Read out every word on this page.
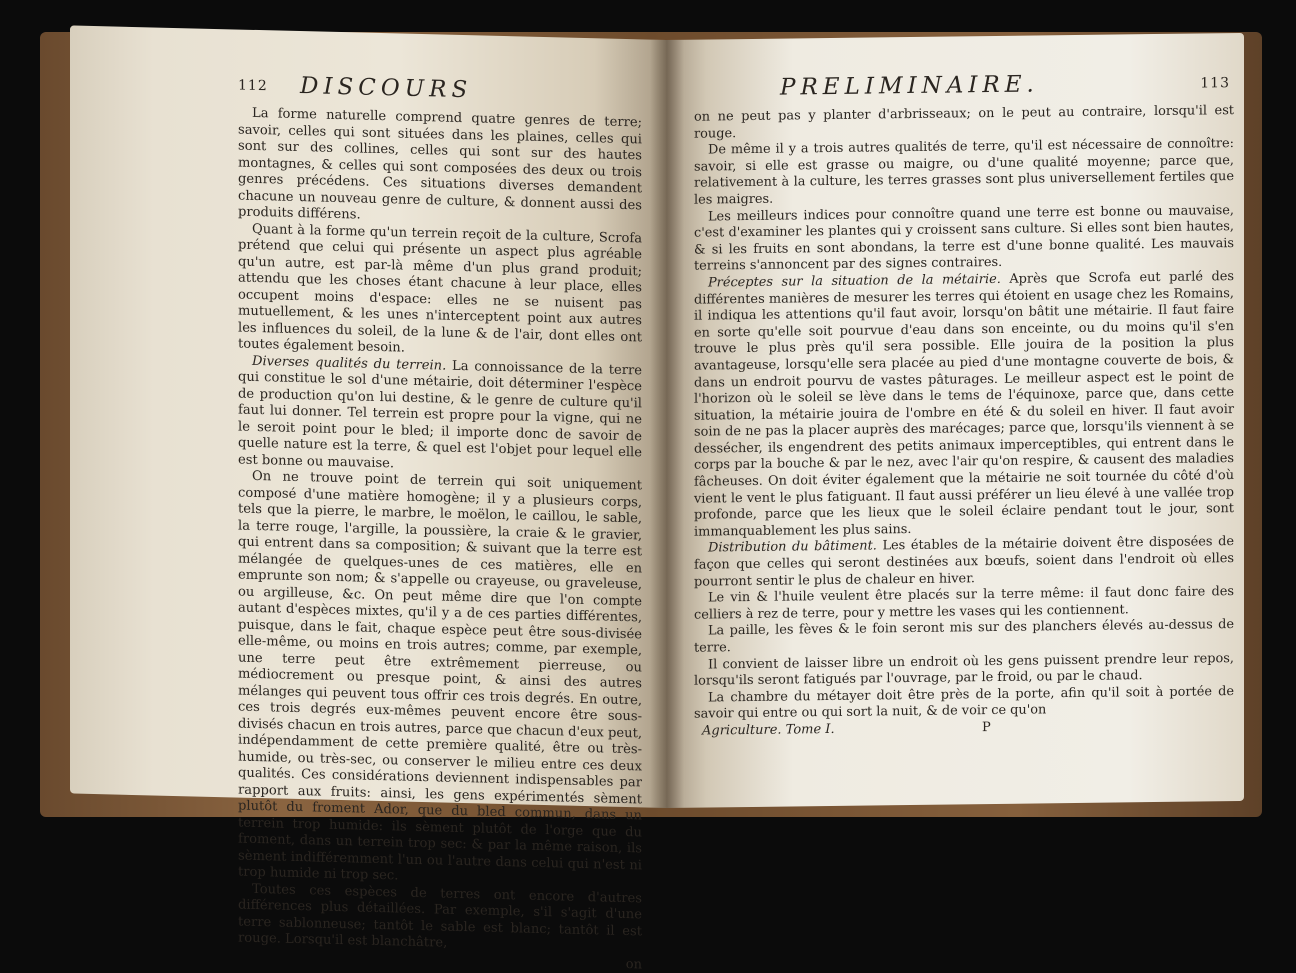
112 DISCOURS

La forme naturelle comprend quatre genres de terre; savoir, celles qui sont situées dans les plaines, celles qui sont sur des collines, celles qui sont sur des hautes montagnes, & celles qui sont composées des deux ou trois genres précédens. Ces situations diverses demandent chacune un nouveau genre de culture, & donnent aussi des produits différens.

Quant à la forme qu'un terrein reçoit de la culture, Scrofa prétend que celui qui présente un aspect plus agréable qu'un autre, est par-là même d'un plus grand produit; attendu que les choses étant chacune à leur place, elles occupent moins d'espace: elles ne se nuisent pas mutuellement, & les unes n'interceptent point aux autres les influences du soleil, de la lune & de l'air, dont elles ont toutes également besoin.

Diverses qualités du terrein. La connoissance de la terre qui constitue le sol d'une métairie, doit déterminer l'espèce de production qu'on lui destine, & le genre de culture qu'il faut lui donner. Tel terrein est propre pour la vigne, qui ne le seroit point pour le bled; il importe donc de savoir de quelle nature est la terre, & quel est l'objet pour lequel elle est bonne ou mauvaise.

On ne trouve point de terrein qui soit uniquement composé d'une matière homogène; il y a plusieurs corps, tels que la pierre, le marbre, le moëlon, le caillou, le sable, la terre rouge, l'argille, la poussière, la craie & le gravier, qui entrent dans sa composition; & suivant que la terre est mélangée de quelques-unes de ces matières, elle en emprunte son nom; & s'appelle ou crayeuse, ou graveleuse, ou argilleuse, &c. On peut même dire que l'on compte autant d'espèces mixtes, qu'il y a de ces parties différentes, puisque, dans le fait, chaque espèce peut être sous-divisée elle-même, ou moins en trois autres; comme, par exemple, une terre peut être extrêmement pierreuse, ou médiocrement ou presque point, & ainsi des autres mélanges qui peuvent tous offrir ces trois degrés. En outre, ces trois degrés eux-mêmes peuvent encore être sous-divisés chacun en trois autres, parce que chacun d'eux peut, indépendamment de cette première qualité, être ou très-humide, ou très-sec, ou conserver le milieu entre ces deux qualités. Ces considérations deviennent indispensables par rapport aux fruits: ainsi, les gens expérimentés sèment plutôt du froment Ador, que du bled commun, dans un terrein trop humide: ils sèment plutôt de l'orge que du froment, dans un terrein trop sec: & par la même raison, ils sèment indifféremment l'un ou l'autre dans celui qui n'est ni trop humide ni trop sec.

Toutes ces espèces de terres ont encore d'autres différences plus détaillées. Par exemple, s'il s'agit d'une terre sablonneuse; tantôt le sable est blanc; tantôt il est rouge. Lorsqu'il est blanchâtre,

on
PRELIMINAIRE.	113

on ne peut pas y planter d'arbrisseaux; on le peut au contraire, lorsqu'il est rouge.

De même il y a trois autres qualités de terre, qu'il est nécessaire de connoître: savoir, si elle est grasse ou maigre, ou d'une qualité moyenne; parce que, relativement à la culture, les terres grasses sont plus universellement fertiles que les maigres.

Les meilleurs indices pour connoître quand une terre est bonne ou mauvaise, c'est d'examiner les plantes qui y croissent sans culture. Si elles sont bien hautes, & si les fruits en sont abondans, la terre est d'une bonne qualité. Les mauvais terreins s'annoncent par des signes contraires.

Préceptes sur la situation de la métairie. Après que Scrofa eut parlé des différentes manières de mesurer les terres qui étoient en usage chez les Romains, il indiqua les attentions qu'il faut avoir, lorsqu'on bâtit une métairie. Il faut faire en sorte qu'elle soit pourvue d'eau dans son enceinte, ou du moins qu'il s'en trouve le plus près qu'il sera possible. Elle jouira de la position la plus avantageuse, lorsqu'elle sera placée au pied d'une montagne couverte de bois, & dans un endroit pourvu de vastes pâturages. Le meilleur aspect est le point de l'horizon où le soleil se lève dans le tems de l'équinoxe, parce que, dans cette situation, la métairie jouira de l'ombre en été & du soleil en hiver. Il faut avoir soin de ne pas la placer auprès des marécages; parce que, lorsqu'ils viennent à se dessécher, ils engendrent des petits animaux imperceptibles, qui entrent dans le corps par la bouche & par le nez, avec l'air qu'on respire, & causent des maladies fâcheuses. On doit éviter également que la métairie ne soit tournée du côté d'où vient le vent le plus fatiguant. Il faut aussi préférer un lieu élevé à une vallée trop profonde, parce que les lieux que le soleil éclaire pendant tout le jour, sont immanquablement les plus sains.

Distribution du bâtiment. Les étables de la métairie doivent être disposées de façon que celles qui seront destinées aux bœufs, soient dans l'endroit où elles pourront sentir le plus de chaleur en hiver.

Le vin & l'huile veulent être placés sur la terre même: il faut donc faire des celliers à rez de terre, pour y mettre les vases qui les contiennent.

La paille, les fèves & le foin seront mis sur des planchers élevés au-dessus de terre.

Il convient de laisser libre un endroit où les gens puissent prendre leur repos, lorsqu'ils seront fatigués par l'ouvrage, par le froid, ou par le chaud.

La chambre du métayer doit être près de la porte, afin qu'il soit à portée de savoir qui entre ou qui sort la nuit, & de voir ce qu'on

Agriculture. Tome I.	P
